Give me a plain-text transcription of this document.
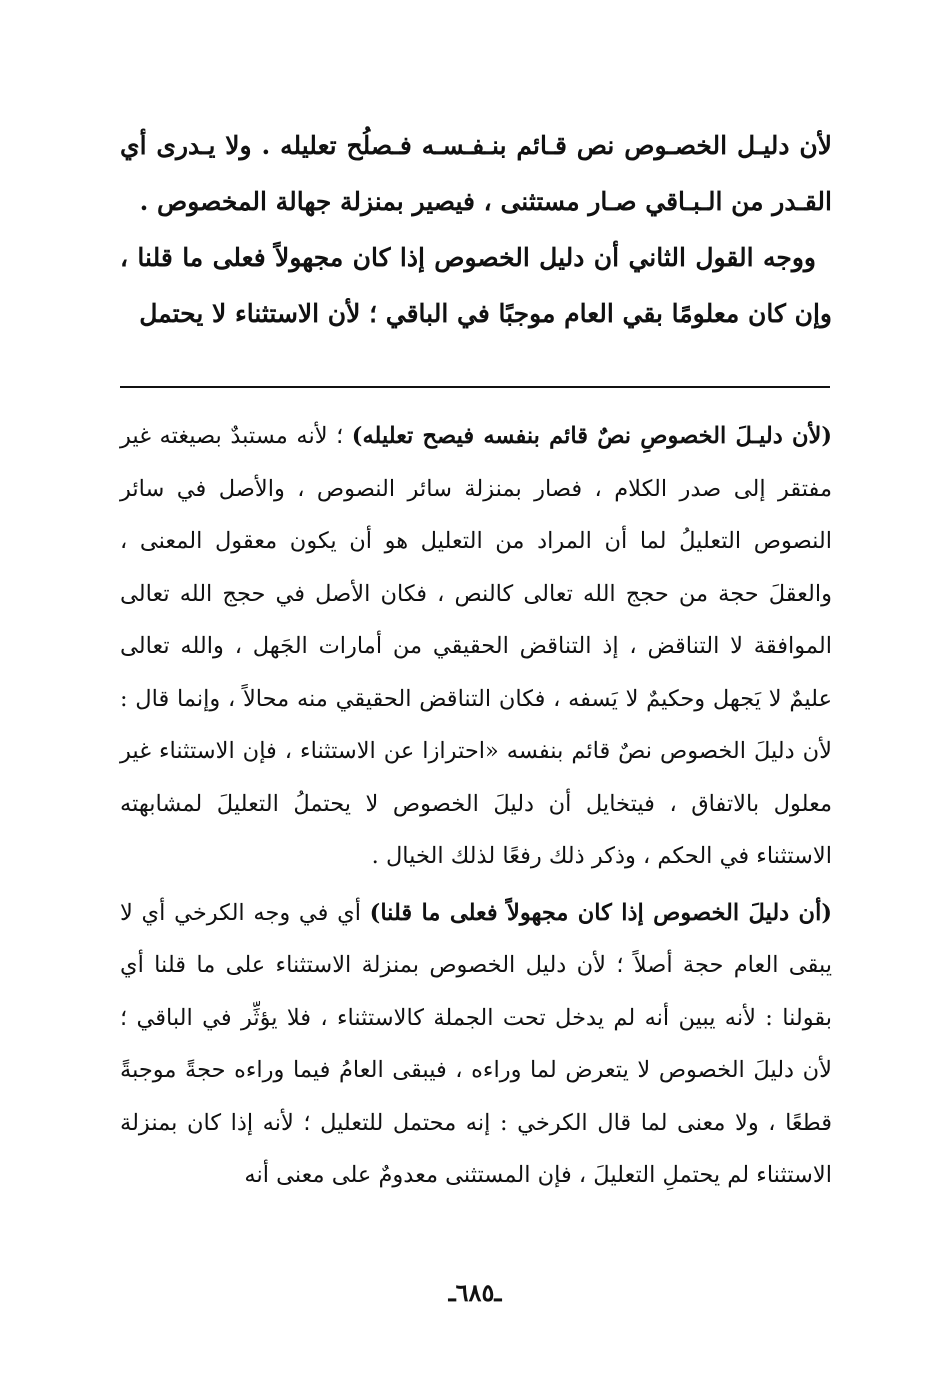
لأن دليـل الخصـوص نص قـائم بنـفـسـه فـصلُح تعليله . ولا يـدرى أي القـدر من الـبـاقي صـار مستثنى ، فيصير بمنزلة جهالة المخصوص .

ووجه القول الثاني أن دليل الخصوص إذا كان مجهولاً فعلى ما قلنا ، وإن كان معلومًا بقي العام موجبًا في الباقي ؛ لأن الاستثناء لا يحتمل

(لأن دليـلَ الخصوصِ نصٌ قائم بنفسه فيصح تعليله) ؛ لأنه مستبدٌ بصيغته غير مفتقر إلى صدر الكلام ، فصار بمنزلة سائر النصوص ، والأصل في سائر النصوص التعليلُ لما أن المراد من التعليل هو أن يكون معقول المعنى ، والعقلَ حجة من حجج الله تعالى كالنص ، فكان الأصل في حجج الله تعالى الموافقة لا التناقض ، إذ التناقض الحقيقي من أمارات الجَهل ، والله تعالى عليمٌ لا يَجهل وحكيمٌ لا يَسفه ، فكان التناقض الحقيقي منه محالاً ، وإنما قال : لأن دليلَ الخصوص نصٌ قائم بنفسه «احترازا عن الاستثناء ، فإن الاستثناء غير معلول بالاتفاق ، فيتخايل أن دليلَ الخصوص لا يحتملُ التعليلَ لمشابهته الاستثناء في الحكم ، وذكر ذلك رفعًا لذلك الخيال .

(أن دليلَ الخصوص إذا كان مجهولاً فعلى ما قلنا) أي في وجه الكرخي أي لا يبقى العام حجة أصلاً ؛ لأن دليل الخصوص بمنزلة الاستثناء على ما قلنا أي بقولنا : لأنه يبين أنه لم يدخل تحت الجملة كالاستثناء ، فلا يؤثِّر في الباقي ؛ لأن دليلَ الخصوص لا يتعرض لما وراءه ، فيبقى العامُ فيما وراءه حجةً موجبةً قطعًا ، ولا معنى لما قال الكرخي : إنه محتمل للتعليل ؛ لأنه إذا كان بمنزلة الاستثناء لم يحتملِ التعليلَ ، فإن المستثنى معدومٌ على معنى أنه

ـ٦٨٥ـ
